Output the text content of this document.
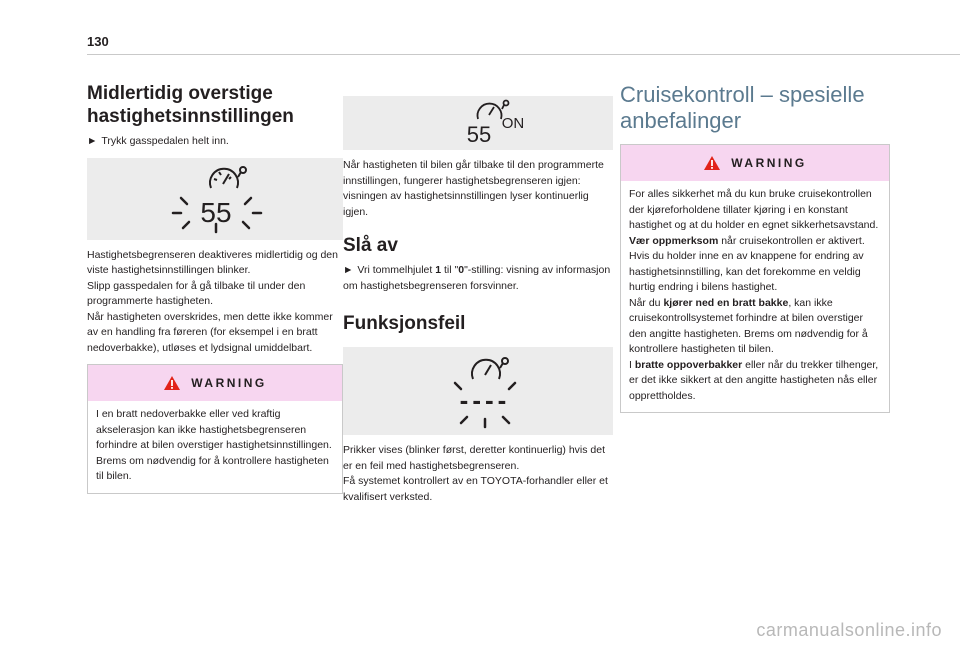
130
Midlertidig overstige hastighetsinnstillingen

► Trykk gasspedalen helt inn.

55

Hastighetsbegrenseren deaktiveres midlertidig og den viste hastighetsinnstillingen blinker.
Slipp gasspedalen for å gå tilbake til under den programmerte hastigheten.
Når hastigheten overskrides, men dette ikke kommer av en handling fra føreren (for eksempel i en bratt nedoverbakke), utløses et lydsignal umiddelbart.

WARNING
I en bratt nedoverbakke eller ved kraftig akselerasjon kan ikke hastighetsbegrenseren forhindre at bilen overstiger hastighetsinnstillingen.
Brems om nødvendig for å kontrollere hastigheten til bilen.
55 ON

Når hastigheten til bilen går tilbake til den programmerte innstillingen, fungerer hastighetsbegrenseren igjen: visningen av hastighetsinnstillingen lyser kontinuerlig igjen.

Slå av

► Vri tommelhjulet 1 til "0"-stilling: visning av informasjon om hastighetsbegrenseren forsvinner.

Funksjonsfeil
----

Prikker vises (blinker først, deretter kontinuerlig) hvis det er en feil med hastighetsbegrenseren.
Få systemet kontrollert av en TOYOTA-forhandler eller et kvalifisert verksted.

Cruisekontroll – spesielle anbefalinger
WARNING

For alles sikkerhet må du kun bruke cruisekontrollen der kjøreforholdene tillater kjøring i en konstant hastighet og at du holder en egnet sikkerhetsavstand.

Vær oppmerksom når cruisekontrollen er aktivert. Hvis du holder inne en av knappene for endring av hastighetsinnstilling, kan det forekomme en veldig hurtig endring i bilens hastighet.

Når du kjører ned en bratt bakke, kan ikke cruisekontrollsystemet forhindre at bilen overstiger den angitte hastigheten. Brems om nødvendig for å kontrollere hastigheten til bilen.

I bratte oppoverbakker eller når du trekker tilhenger, er det ikke sikkert at den angitte hastigheten nås eller opprettholdes.

carmanualsonline.info
